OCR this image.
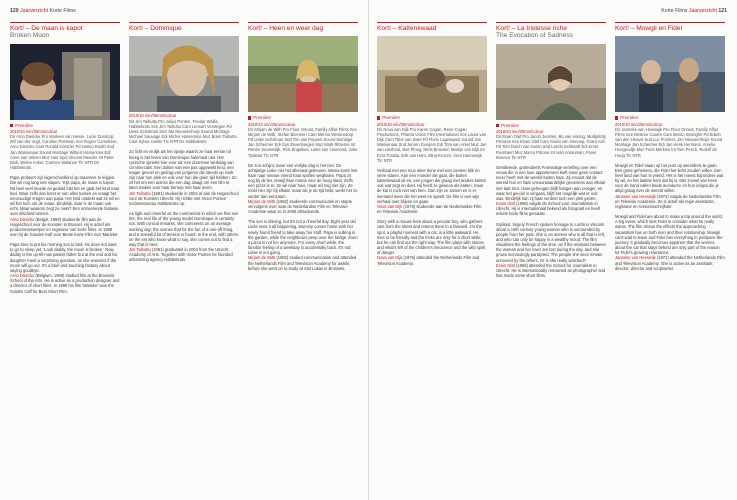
120 Jaarverzicht Korte Films
Kort! – De maan is kapot
Broken Moon
Première

2010/10 min/35mm/colour

Dir Arno Dierickx Pro Marleen van Hesse, Lucie Dondorp, Wil van der Vugt, Carolien Postman Sce Rogier Cornelisse, Arno Dierickx Cam Ronald Koetzier Pd Hanno Rooth Snd Jan Wassenaar Sound Montage Wilbert Hamersma Edi Anne van Velzen Muz Han Spel Vincent Meeder Int Peter Blok, Wiebe Anker, Carmen Walanse Tlc NTR Ds Habbekrats

Papa probeert zijn lagerschoolkind op maanreis te krijgen. Die wil nog lang niet slapen. 'Kijk papa, de maan is kapot.' Na heel veel moeite en geduld lukt het en gaat het kind naar bed. Maar zelfs dan komt er van alles tussen en vraagt het eenvoudige vragen aan papa. Het kind ontdekt wat ze wil en wil het toch om de maan. Eindelijk, daar is de maan ook echt. Maar waarom zegt ze niets? Een ontroerende fantasie over afscheid nemen.

Arno Dierickx (België, 1969) studeerde film aan de Hogeschool voor de Kunsten in Brussel. Hij is actief als productieontwerper en regisseur van korte films. In 1998 won hij de Gouden Kalf voor Beste Korte Film met 'Marieke'.

Papa tries to put his morning son to bed. He does not want to go to sleep yet. 'Look daddy, the moon is broken.' Now, daddy is the up-till-now patient father but at the end and his daughter meet a surprising question, as she wonders if the moon will go out. It's a brief and touching fantasy about saying goodbye.

Arno Dierickx (Belgium, 1969) studied film at the Brussels School of the Arts. He is active as a production designer and a director of short films. In 1998 his film 'Marieke' won the Golden Calf for Best Short Film.

Kort! – Dominique

2010/10 min/35mm/colour

Dir Jim Taihuttu Pro Julius Ponten, Frieder Wallis, Habbekrats Sce Jim Taihuttu Cam Lennart Verstegen Pd Lieke Scholman Snd Jan Nieuwenhuijs Sound Montage Michael Sauvage Edi Michel Hamersma Muz Bram Taihuttu Cast Sylvia Hoeks Tlc NTR Ds Habbekrats

Zo licht en vrolijk als het spotje waarin ze haar eerste rol kreeg is het leven van Dominique helemaal niet. Het cynische spreekt hier voor uit: een doorsnee werkdag van commercials. Een dokter van een pas opgewekt kind, een mager gevoel en gedrag van jongeren die steeds op zoek zijn naar hun plek en ook voor hun die geen tijd hebben. Zo zit het om een actrice die een dag slaagt om een film te laten maken voor haar beroep met haar leven.

Jim Taihuttu (1981) studeerde in 2004 af aan de Hogeschool voor de Kunsten Utrecht. Hij richtte met Victor Ponten reclamebureau Habbekrats op.

As light and cheerful as the commercial in which we first see her, the real life of the young model Dominique is certainly not. With cynical remarks, she comments on an average working day: the scenes that for the fun of a one-off thing, and a stressful bit of tension is found. In the end, with others on the set who know what to say, she comes out to find a way that is hers.

Jim Taihuttu (1981) graduated in 2004 from the Utrecht Academy of Arts. Together with Victor Ponten he founded advertising agency Habbekrats.

Kort! – Heen en weer dag
Première

2010/10 min/35mm/colour

Dir Mirjam de With Pro Floor Onrust, Family Affair Films Sce Mirjam de With, Stefan Bloemen Cam Menno Westendorp Pd Lieke Scholman Snd Tim van Peppen Sound Montage Jan Schermer Edi Gys Zevenbergen Muz Mark Ritsema Int Renée Soutendijk, Rick Engelkes, Lieke van Lexmond, Joke Tjalsma Tlc NTR

De zon schijnt, maar een vrolijke dag is het niet. De achtjarige Lieke ziet het allemaal gebeuren. Mama komt met haar naar nieuwe vriend haar spullen weghalen. Papa zit nog bij de les, terwijl haar mama voor de hoog staat. Zelfs een pizza is er. Ze wil naar huis, maar wil nog niet zijn. Ze moet hier zijn bij elkaar, maar als je de tijd hebt, werkt het zo verder dan eenzaam.

Mirjam de With (1982) studeerde communicatie en stapte vervolgens over naar de Nederlandse Film en Televisie Academie waar ze in 2008 afstudeerde.

The sun is shining, but it's not a cheerful day. Eight year old Lieke sees it all happening. Mummy comes home with her newly found friend to take away her stuff. Papa is sulking in the garden, while the neighbours peep over the hedge. Even a pizza is not fun anymore. For every short while, the familiar feeling of a weekday is accidentally back. It's not; Lieke is not going.

Mirjam de With (1982) studied communication and attended the Netherlands Film and Television Academy for awhile, before she went on to study at Sint Lukas in Brussels.

Korte Films Jaarverzicht 121
Kort! – Kattenkwaad
Première

2010/10 min/35mm/colour

Dir Nova van Dijk Pro Karen Cogan, Rene Cogan Productions, Phanta Vision Film International Sce Laura van Dijk Cam Tibor van Zwet Pd Floris Lagewaard Sound Jan Wassenaar Snd Jeroen Goeijers Edi Tom van Arkel Muz Jan van Lieshout, Bas Ploeg, Niels Brouwer, Martijn van Dijk Int Ezra Toraba, Erik van Ham, Mina Kroeze, Vera Hannewijk Tlc NTR

Verhaal met een mus aleer tiene met een zoetere blik en verre staren. Aan een moeder die gaat, die buiten kattenkwaad uit en, een jongen die graag met andere katten ook wat zegt en doet. Hij heeft ze gewoon als katten, maar de kat is toch niet van hem. Dan zijn ze samen en is er niemand meer die het weet en speelt. De film is een wijs verhaal over blijven en gaan.

Nova van Dijk (1976) studeerde aan de Nederlandse Film en Televisie Academie.

Story with a mouse here about a pecular boy, who gathers cats from the street and returns them to a farewell. On the spot, a playful moment with a cat, is a little awkward. He tries to be friendly and the tricks are only for a short while, but he can find out the right way. The film plays with stories and what's left of the children's innocence and the wild spirit of danger.

Nova van Dijk (1976) attended the Netherlands Film and Television Academy.

Kort! – La tristesse riche
The Evocation of Sadness
Première

2010/10 min/35mm/colour

Dir Erwin Olaf Pro Jacob Joosten, Bo van Hartog, Multiplicity Pictures Sce Erwin Olaf Cam Guido van Gennep, Grant Ash Pd Tom Dutch van Haren Snd Laszlo Eckhardt Edi Ernst Rootsaert Muz Marco Pitrone Int Ivan Anrauman, Pavel Boneva Tlc NTR

Gestileerde, grotendeels Franstalige vertelling over een vrouw die in een luxe appartement leeft maar geen contact meer heeft met de wereld buiten haar. Zij ervaart dat de wereld hun en haar onvoorwaardelijke gevoelens aan elkaar niet laat zien. Haar geheugen blijft hangen aan vroeger, en waar het gevoel is vergaan, blijft het mogelijk wat er ooit was. Eindelijk kan zij haar verdriet toch een plek geven.

Erwin Olaf (1959) volgde de School voor Journalistiek in Utrecht. Hij is internationaal bekend als fotograaf en heeft enkele korte films gemaakt.

Stylised, largely French spoken homage to Luchino Visconti about a 19th century young woman who is surrounded by people from her past. She is an actress who is all that is left, and who can only be happy in a wealthy mood. The film visualises the feelings of the time, as if the relations between the woman and her lover are lost during the day, and she grows increasingly paralysed. The people she sees remain unmoved by the others. Or is she really watched?

Erwin Olaf (1959) attended the School for Journalism in Utrecht. He is internationally renowned as photographer and has made some short films.

Kort! – Mowgli en Fidel
Première

2010/10 min/35mm/colour

Dir Janneke van Heeswijk Pro Floor Onrust, Family Affair Films Sce Desiree Cowen Cam Benito Stronghe Pd Edwin van den Heuvel Snd Luc Pronker, Jan Nieuwenhuijs Sound Montage Jan Schermer Edi Jan Henk Hermans, Amelie Hoogendijk Muz Fons Merkies Int Tom Pesch, Rudolf de Hoog Tlc NTR

Mowgli en Fidel staan op het punt op wereldreis te gaan. Een grote geheimen, die Fidel het liefst zouden willen. Een heel land van hun is vriend. Het is het meest bijzondere wat hij wil, en het laatste hem dat hij is. Met zoveel van heen voor de hand vallen beide avonturen en hun reisjes die je altijd graag over de wereld willen.

Janneke van Heeswijk (1972) volgde de Nederlandse Film en Televisie Academie. Ze is actief als regie assistente, regisseur en scenarioschrijfster.

Mowgli and Fidel are about to make a trip around the world. A big event, which sets Fidel to consider what he really wants. The film shows the effects the approaching separation has on both men and their relationship. Mowgli can't wait to leave and Fidel has everything to postpone the journey. It gradually becomes apparent that the worries about the cat that stays behind are only part of the reason for Fidel's growing reluctance.

Janneke van Heeswijk (1972) attended the Netherlands Film and Television Academy. She is active as an assistant director, director and scriptwriter.
